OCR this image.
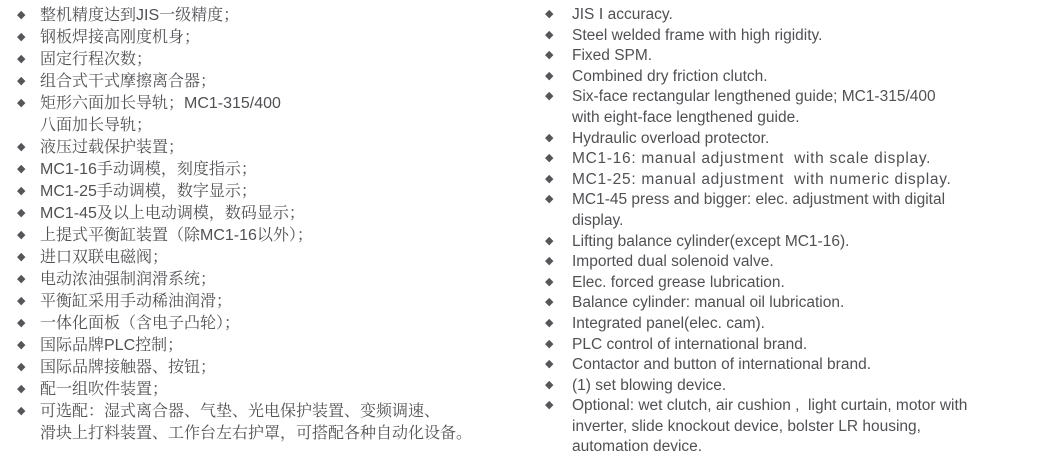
◆ 整机精度达到JIS一级精度；
◆ 钢板焊接高刚度机身；
◆ 固定行程次数；
◆ 组合式干式摩擦离合器；
◆ 矩形六面加长导轨；MC1-315/400
八面加长导轨；
◆ 液压过载保护装置；
◆ MC1-16手动调模，刻度指示；
◆ MC1-25手动调模，数字显示；
◆ MC1-45及以上电动调模，数码显示；
◆ 上提式平衡缸装置（除MC1-16以外）；
◆ 进口双联电磁阀；
◆ 电动浓油强制润滑系统；
◆ 平衡缸采用手动稀油润滑；
◆ 一体化面板（含电子凸轮）；
◆ 国际品牌PLC控制；
◆ 国际品牌接触器、按钮；
◆ 配一组吹件装置；
◆ 可选配：湿式离合器、气垫、光电保护装置、变频调速、
滑块上打料装置、工作台左右护罩，可搭配各种自动化设备。
◆	JIS Ⅰ accuracy.
◆	Steel welded frame with high rigidity.
◆	Fixed SPM.
◆	Combined dry friction clutch.
◆	Six-face rectangular lengthened guide; MC1-315/400
with eight-face lengthened guide.
◆	Hydraulic overload protector.
◆	MC1-16: manual adjustment  with scale display.
◆	MC1-25: manual adjustment  with numeric display.
◆	MC1-45 press and bigger: elec. adjustment with digital
display.
◆	Lifting balance cylinder(except MC1-16).
◆	Imported dual solenoid valve.
◆	Elec. forced grease lubrication.
◆	Balance cylinder: manual oil lubrication.
◆	Integrated panel(elec. cam).
◆	PLC control of international brand.
◆	Contactor and button of international brand.
◆	(1) set blowing device.
◆	Optional: wet clutch, air cushion ,  light curtain, motor with
inverter, slide knockout device, bolster LR housing,
automation device.
